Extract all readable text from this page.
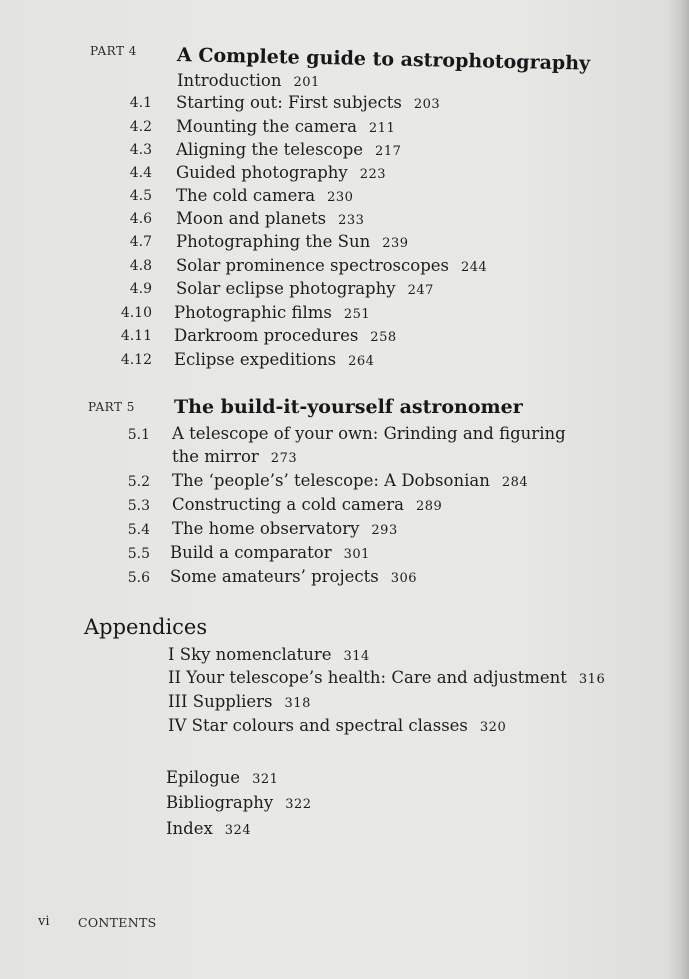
PART 4 A Complete guide to astrophotography
Introduction 201
4.1 Starting out: First subjects 203
4.2 Mounting the camera 211
4.3 Aligning the telescope 217
4.4 Guided photography 223
4.5 The cold camera 230
4.6 Moon and planets 233
4.7 Photographing the Sun 239
4.8 Solar prominence spectroscopes 244
4.9 Solar eclipse photography 247
4.10 Photographic films 251
4.11 Darkroom procedures 258
4.12 Eclipse expeditions 264
PART 5 The build-it-yourself astronomer
5.1 A telescope of your own: Grinding and figuring
the mirror 273
5.2 The ‘people’s’ telescope: A Dobsonian 284
5.3 Constructing a cold camera 289
5.4 The home observatory 293
5.5 Build a comparator 301
5.6 Some amateurs’ projects 306
Appendices
I Sky nomenclature 314
II Your telescope’s health: Care and adjustment 316
III Suppliers 318
IV Star colours and spectral classes 320
Epilogue 321
Bibliography 322
Index 324
vi CONTENTS
